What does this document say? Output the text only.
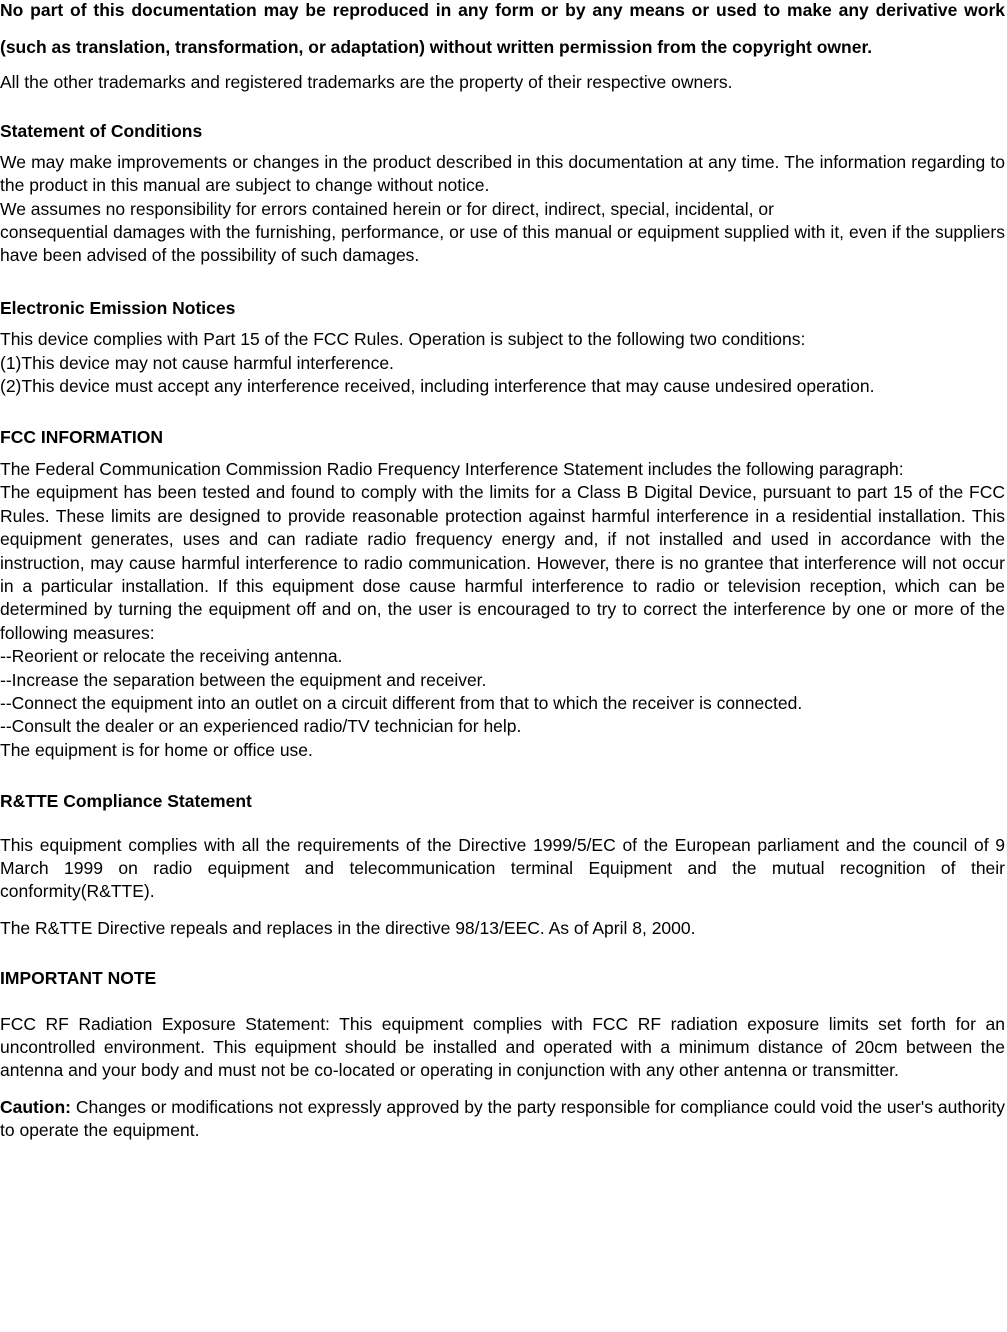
No part of this documentation may be reproduced in any form or by any means or used to make any derivative work (such as translation, transformation, or adaptation) without written permission from the copyright owner.

All the other trademarks and registered trademarks are the property of their respective owners.

Statement of Conditions

We may make improvements or changes in the product described in this documentation at any time. The information regarding to the product in this manual are subject to change without notice.

We assumes no responsibility for errors contained herein or for direct, indirect, special, incidental, or
consequential damages with the furnishing, performance, or use of this manual or equipment supplied with it, even if the suppliers have been advised of the possibility of such damages.

Electronic Emission Notices

This device complies with Part 15 of the FCC Rules. Operation is subject to the following two conditions:

(1)This device may not cause harmful interference.

(2)This device must accept any interference received, including interference that may cause undesired operation.

FCC INFORMATION

The Federal Communication Commission Radio Frequency Interference Statement includes the following paragraph:

The equipment has been tested and found to comply with the limits for a Class B Digital Device, pursuant to part 15 of the FCC Rules. These limits are designed to provide reasonable protection against harmful interference in a residential installation. This equipment generates, uses and can radiate radio frequency energy and, if not installed and used in accordance with the instruction, may cause harmful interference to radio communication. However, there is no grantee that interference will not occur in a particular installation. If this equipment dose cause harmful interference to radio or television reception, which can be determined by turning the equipment off and on, the user is encouraged to try to correct the interference by one or more of the following measures:

--Reorient or relocate the receiving antenna.

--Increase the separation between the equipment and receiver.

--Connect the equipment into an outlet on a circuit different from that to which the receiver is connected.

--Consult the dealer or an experienced radio/TV technician for help.

The equipment is for home or office use.

R&TTE Compliance Statement

This equipment complies with all the requirements of the Directive 1999/5/EC of the European parliament and the council of 9 March 1999 on radio equipment and telecommunication terminal Equipment and the mutual recognition of their conformity(R&TTE).

The R&TTE Directive repeals and replaces in the directive 98/13/EEC. As of April 8, 2000.

IMPORTANT NOTE

FCC RF Radiation Exposure Statement: This equipment complies with FCC RF radiation exposure limits set forth for an uncontrolled environment. This equipment should be installed and operated with a minimum distance of 20cm between the antenna and your body and must not be co-located or operating in conjunction with any other antenna or transmitter.

Caution: Changes or modifications not expressly approved by the party responsible for compliance could void the user's authority to operate the equipment.
